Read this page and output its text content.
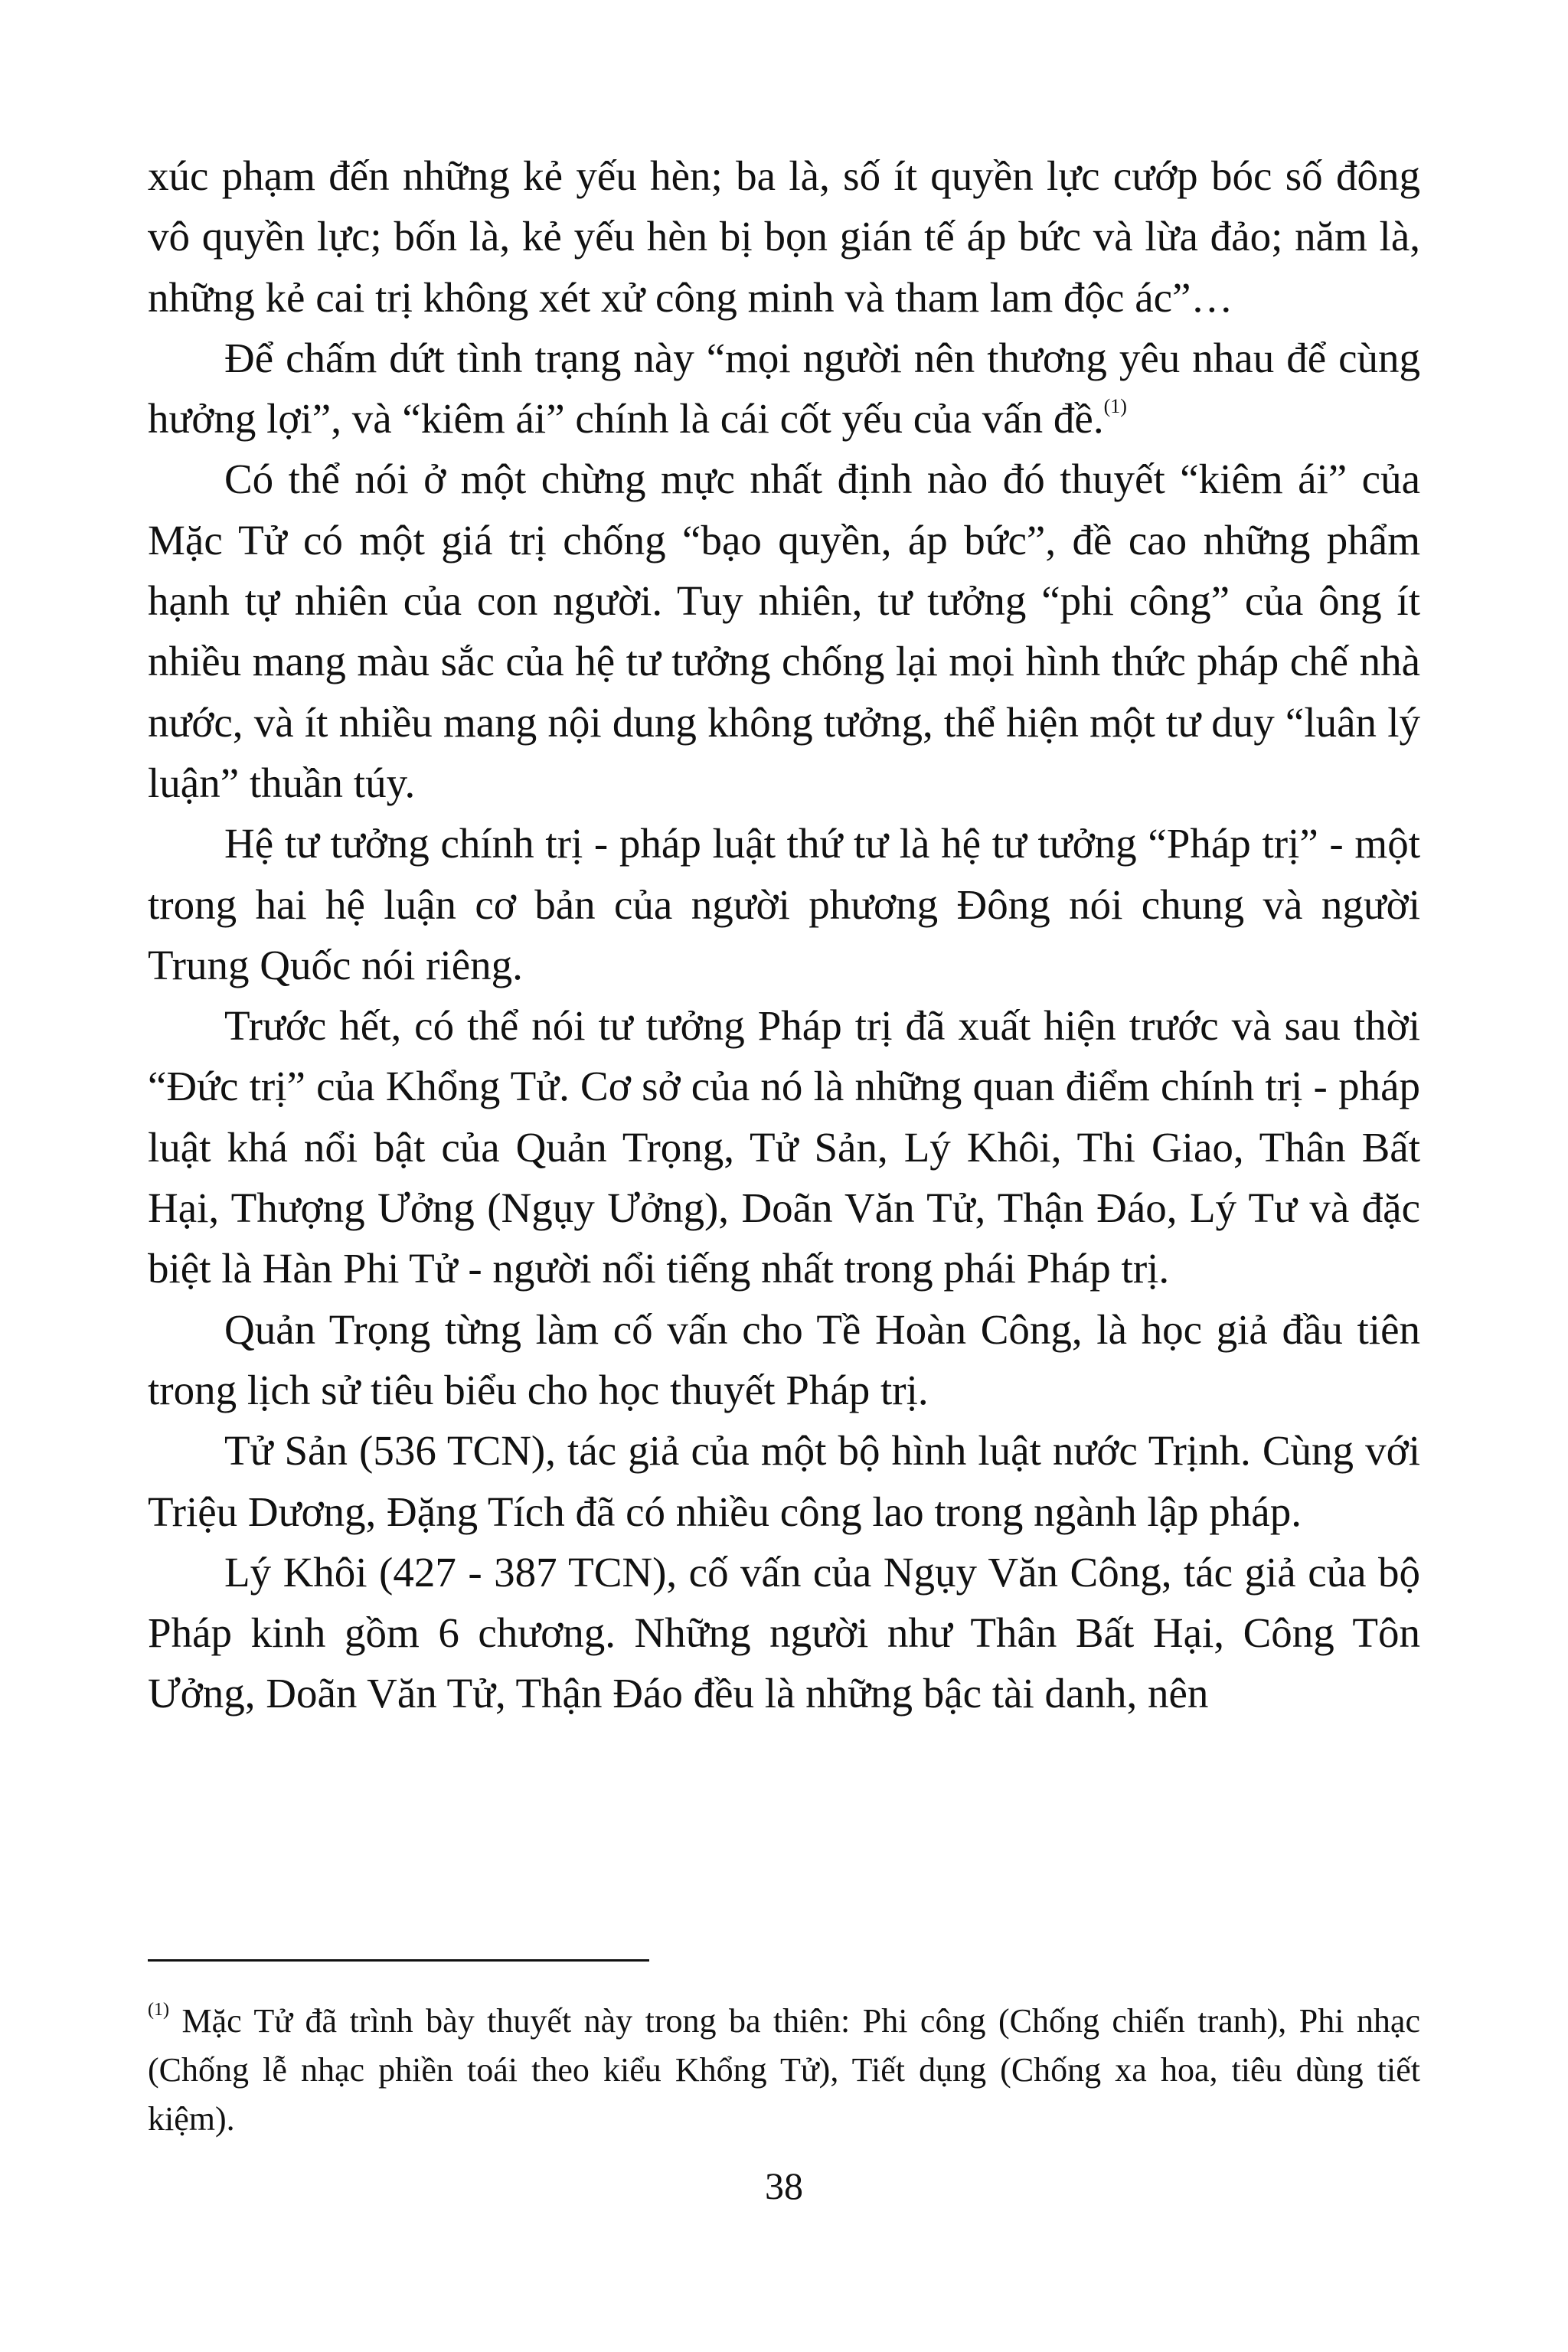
xúc phạm đến những kẻ yếu hèn; ba là, số ít quyền lực cướp bóc số đông vô quyền lực; bốn là, kẻ yếu hèn bị bọn gián tế áp bức và lừa đảo; năm là, những kẻ cai trị không xét xử công minh và tham lam độc ác”…

Để chấm dứt tình trạng này “mọi người nên thương yêu nhau để cùng hưởng lợi”, và “kiêm ái” chính là cái cốt yếu của vấn đề.$^{(1)}$

Có thể nói ở một chừng mực nhất định nào đó thuyết “kiêm ái” của Mặc Tử có một giá trị chống “bạo quyền, áp bức”, đề cao những phẩm hạnh tự nhiên của con người. Tuy nhiên, tư tưởng “phi công” của ông ít nhiều mang màu sắc của hệ tư tưởng chống lại mọi hình thức pháp chế nhà nước, và ít nhiều mang nội dung không tưởng, thể hiện một tư duy “luân lý luận” thuần túy.

Hệ tư tưởng chính trị - pháp luật thứ tư là hệ tư tưởng “Pháp trị” - một trong hai hệ luận cơ bản của người phương Đông nói chung và người Trung Quốc nói riêng.

Trước hết, có thể nói tư tưởng Pháp trị đã xuất hiện trước và sau thời “Đức trị” của Khổng Tử. Cơ sở của nó là những quan điểm chính trị - pháp luật khá nổi bật của Quản Trọng, Tử Sản, Lý Khôi, Thi Giao, Thân Bất Hại, Thượng Ưởng (Ngụy Ưởng), Doãn Văn Tử, Thận Đáo, Lý Tư và đặc biệt là Hàn Phi Tử - người nổi tiếng nhất trong phái Pháp trị.

Quản Trọng từng làm cố vấn cho Tề Hoàn Công, là học giả đầu tiên trong lịch sử tiêu biểu cho học thuyết Pháp trị.

Tử Sản (536 TCN), tác giả của một bộ hình luật nước Trịnh. Cùng với Triệu Dương, Đặng Tích đã có nhiều công lao trong ngành lập pháp.

Lý Khôi (427 - 387 TCN), cố vấn của Ngụy Văn Công, tác giả của bộ Pháp kinh gồm 6 chương. Những người như Thân Bất Hại, Công Tôn Ưởng, Doãn Văn Tử, Thận Đáo đều là những bậc tài danh, nên

$^{(1)}$ Mặc Tử đã trình bày thuyết này trong ba thiên: Phi công (Chống chiến tranh), Phi nhạc (Chống lễ nhạc phiền toái theo kiểu Khổng Tử), Tiết dụng (Chống xa hoa, tiêu dùng tiết kiệm).

38
